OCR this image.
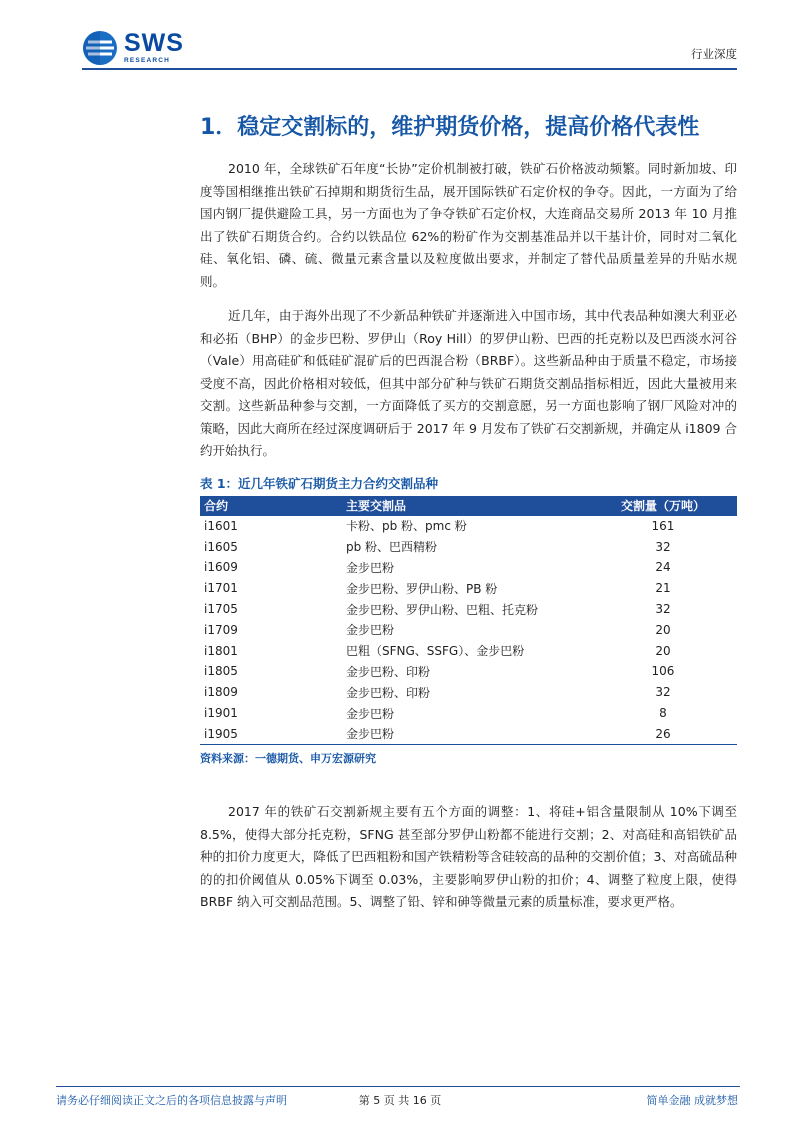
SWS
RESEARCH	行业深度
1．稳定交割标的，维护期货价格，提高价格代表性

2010 年，全球铁矿石年度“长协”定价机制被打破，铁矿石价格波动频繁。同时新加坡、印度等国相继推出铁矿石掉期和期货衍生品，展开国际铁矿石定价权的争夺。因此，一方面为了给国内钢厂提供避险工具，另一方面也为了争夺铁矿石定价权，大连商品交易所 2013 年 10 月推出了铁矿石期货合约。合约以铁品位 62%的粉矿作为交割基准品并以干基计价，同时对二氧化硅、氧化铝、磷、硫、微量元素含量以及粒度做出要求，并制定了替代品质量差异的升贴水规则。

近几年，由于海外出现了不少新品种铁矿并逐渐进入中国市场，其中代表品种如澳大利亚必和必拓（BHP）的金步巴粉、罗伊山（Roy Hill）的罗伊山粉、巴西的托克粉以及巴西淡水河谷（Vale）用高硅矿和低硅矿混矿后的巴西混合粉（BRBF）。这些新品种由于质量不稳定，市场接受度不高，因此价格相对较低，但其中部分矿种与铁矿石期货交割品指标相近，因此大量被用来交割。这些新品种参与交割，一方面降低了买方的交割意愿，另一方面也影响了钢厂风险对冲的策略，因此大商所在经过深度调研后于 2017 年 9 月发布了铁矿石交割新规，并确定从 i1809 合约开始执行。

表 1：近几年铁矿石期货主力合约交割品种
合约	主要交割品	交割量（万吨）
i1601	卡粉、pb 粉、pmc 粉	161
i1605	pb 粉、巴西精粉	32
i1609	金步巴粉	24
i1701	金步巴粉、罗伊山粉、PB 粉	21
i1705	金步巴粉、罗伊山粉、巴粗、托克粉	32
i1709	金步巴粉	20
i1801	巴粗（SFNG、SSFG）、金步巴粉	20
i1805	金步巴粉、印粉	106
i1809	金步巴粉、印粉	32
i1901	金步巴粉	8
i1905	金步巴粉	26
资料来源：一德期货、申万宏源研究

2017 年的铁矿石交割新规主要有五个方面的调整：1、将硅+铝含量限制从 10%下调至 8.5%，使得大部分托克粉，SFNG 甚至部分罗伊山粉都不能进行交割；2、对高硅和高铝铁矿品种的扣价力度更大，降低了巴西粗粉和国产铁精粉等含硅较高的品种的交割价值；3、对高硫品种的的扣价阈值从 0.05%下调至 0.03%，主要影响罗伊山粉的扣价；4、调整了粒度上限，使得 BRBF 纳入可交割品范围。5、调整了铅、锌和砷等微量元素的质量标准，要求更严格。

请务必仔细阅读正文之后的各项信息披露与声明	第 5 页 共 16 页	简单金融 成就梦想
